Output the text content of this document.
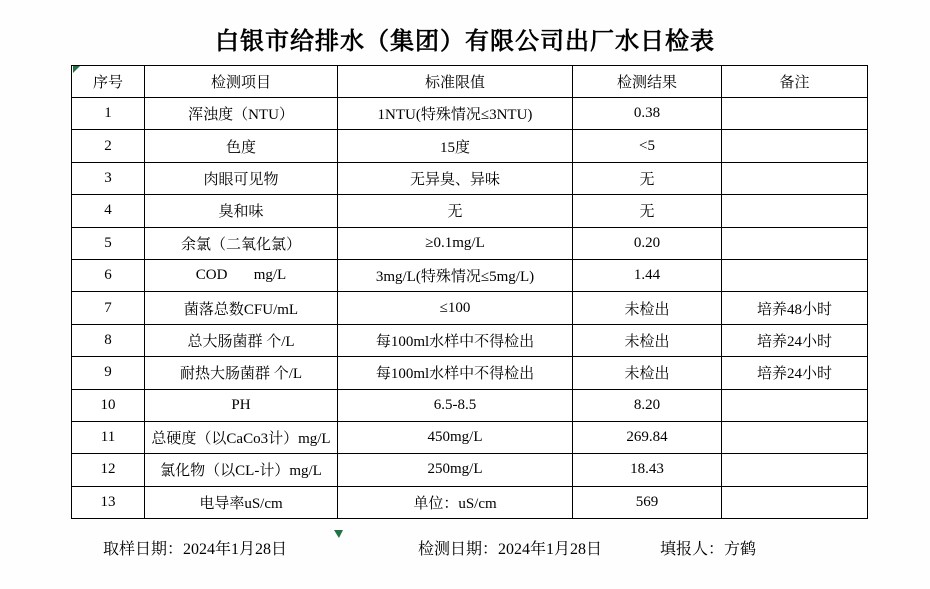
白银市给排水（集团）有限公司出厂水日检表
序号	检测项目	标准限值	检测结果	备注
1	浑浊度（NTU）	1NTU(特殊情况≤3NTU)	0.38	
2	色度	15度	<5	
3	肉眼可见物	无异臭、异味	无	
4	臭和味	无	无	
5	余氯（二氧化氯）	≥0.1mg/L	0.20	
6	COD       mg/L	3mg/L(特殊情况≤5mg/L)	1.44	
7	菌落总数CFU/mL	≤100	未检出	培养48小时
8	总大肠菌群 个/L	每100ml水样中不得检出	未检出	培养24小时
9	耐热大肠菌群 个/L	每100ml水样中不得检出	未检出	培养24小时
10	PH	6.5-8.5	8.20	
11	总硬度（以CaCo3计）mg/L	450mg/L	269.84	
12	氯化物（以CL-计）mg/L	250mg/L	18.43	
13	电导率uS/cm	单位：uS/cm	569	
取样日期：2024年1月28日	检测日期：2024年1月28日	填报人：方鹤
